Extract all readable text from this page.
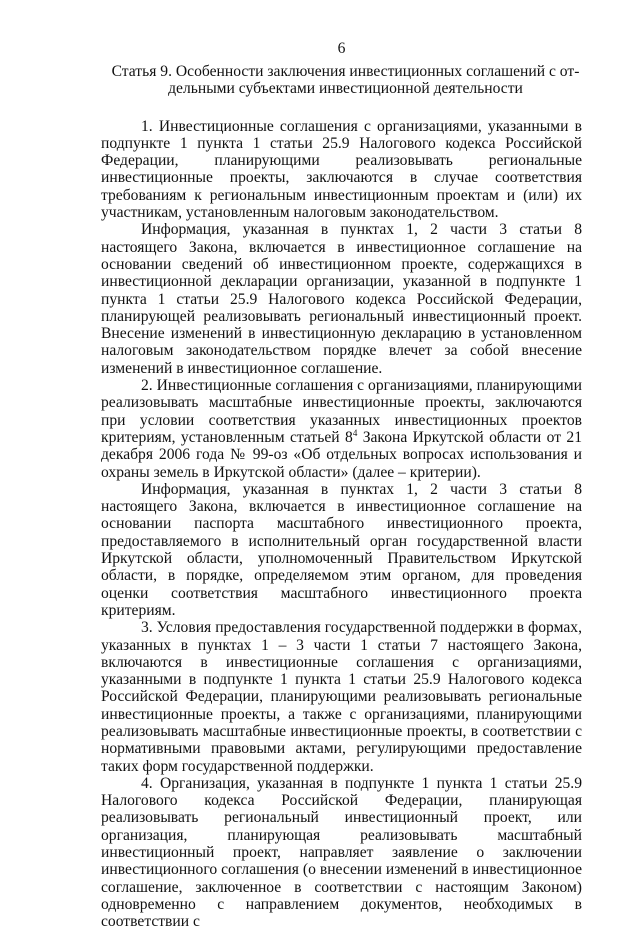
6
Статья 9. Особенности заключения инвестиционных соглашений с от-
дельными субъектами инвестиционной деятельности

1. Инвестиционные соглашения с организациями, указанными в подпункте 1 пункта 1 статьи 25.9 Налогового кодекса Российской Федерации, планирующими реализовывать региональные инвестиционные проекты, заключаются в случае соответствия требованиям к региональным инвестиционным проектам и (или) их участникам, установленным налоговым законодательством.

Информация, указанная в пунктах 1, 2 части 3 статьи 8 настоящего Закона, включается в инвестиционное соглашение на основании сведений об инвестиционном проекте, содержащихся в инвестиционной декларации организации, указанной в подпункте 1 пункта 1 статьи 25.9 Налогового кодекса Российской Федерации, планирующей реализовывать региональный инвестиционный проект. Внесение изменений в инвестиционную декларацию в установленном налоговым законодательством порядке влечет за собой внесение изменений в инвестиционное соглашение.

2. Инвестиционные соглашения с организациями, планирующими реализовывать масштабные инвестиционные проекты, заключаются при условии соответствия указанных инвестиционных проектов критериям, установленным статьей $8^4$ Закона Иркутской области от 21 декабря 2006 года № 99-оз «Об отдельных вопросах использования и охраны земель в Иркутской области» (далее – критерии).

Информация, указанная в пунктах 1, 2 части 3 статьи 8 настоящего Закона, включается в инвестиционное соглашение на основании паспорта масштабного инвестиционного проекта, предоставляемого в исполнительный орган государственной власти Иркутской области, уполномоченный Правительством Иркутской области, в порядке, определяемом этим органом, для проведения оценки соответствия масштабного инвестиционного проекта критериям.

3. Условия предоставления государственной поддержки в формах, указанных в пунктах 1 – 3 части 1 статьи 7 настоящего Закона, включаются в инвестиционные соглашения с организациями, указанными в подпункте 1 пункта 1 статьи 25.9 Налогового кодекса Российской Федерации, планирующими реализовывать региональные инвестиционные проекты, а также с организациями, планирующими реализовывать масштабные инвестиционные проекты, в соответствии с нормативными правовыми актами, регулирующими предоставление таких форм государственной поддержки.

4. Организация, указанная в подпункте 1 пункта 1 статьи 25.9 Налогового кодекса Российской Федерации, планирующая реализовывать региональный инвестиционный проект, или организация, планирующая реализовывать масштабный инвестиционный проект, направляет заявление о заключении инвестиционного соглашения (о внесении изменений в инвестиционное соглашение, заключенное в соответствии с настоящим Законом) одновременно с направлением документов, необходимых в соответствии с
